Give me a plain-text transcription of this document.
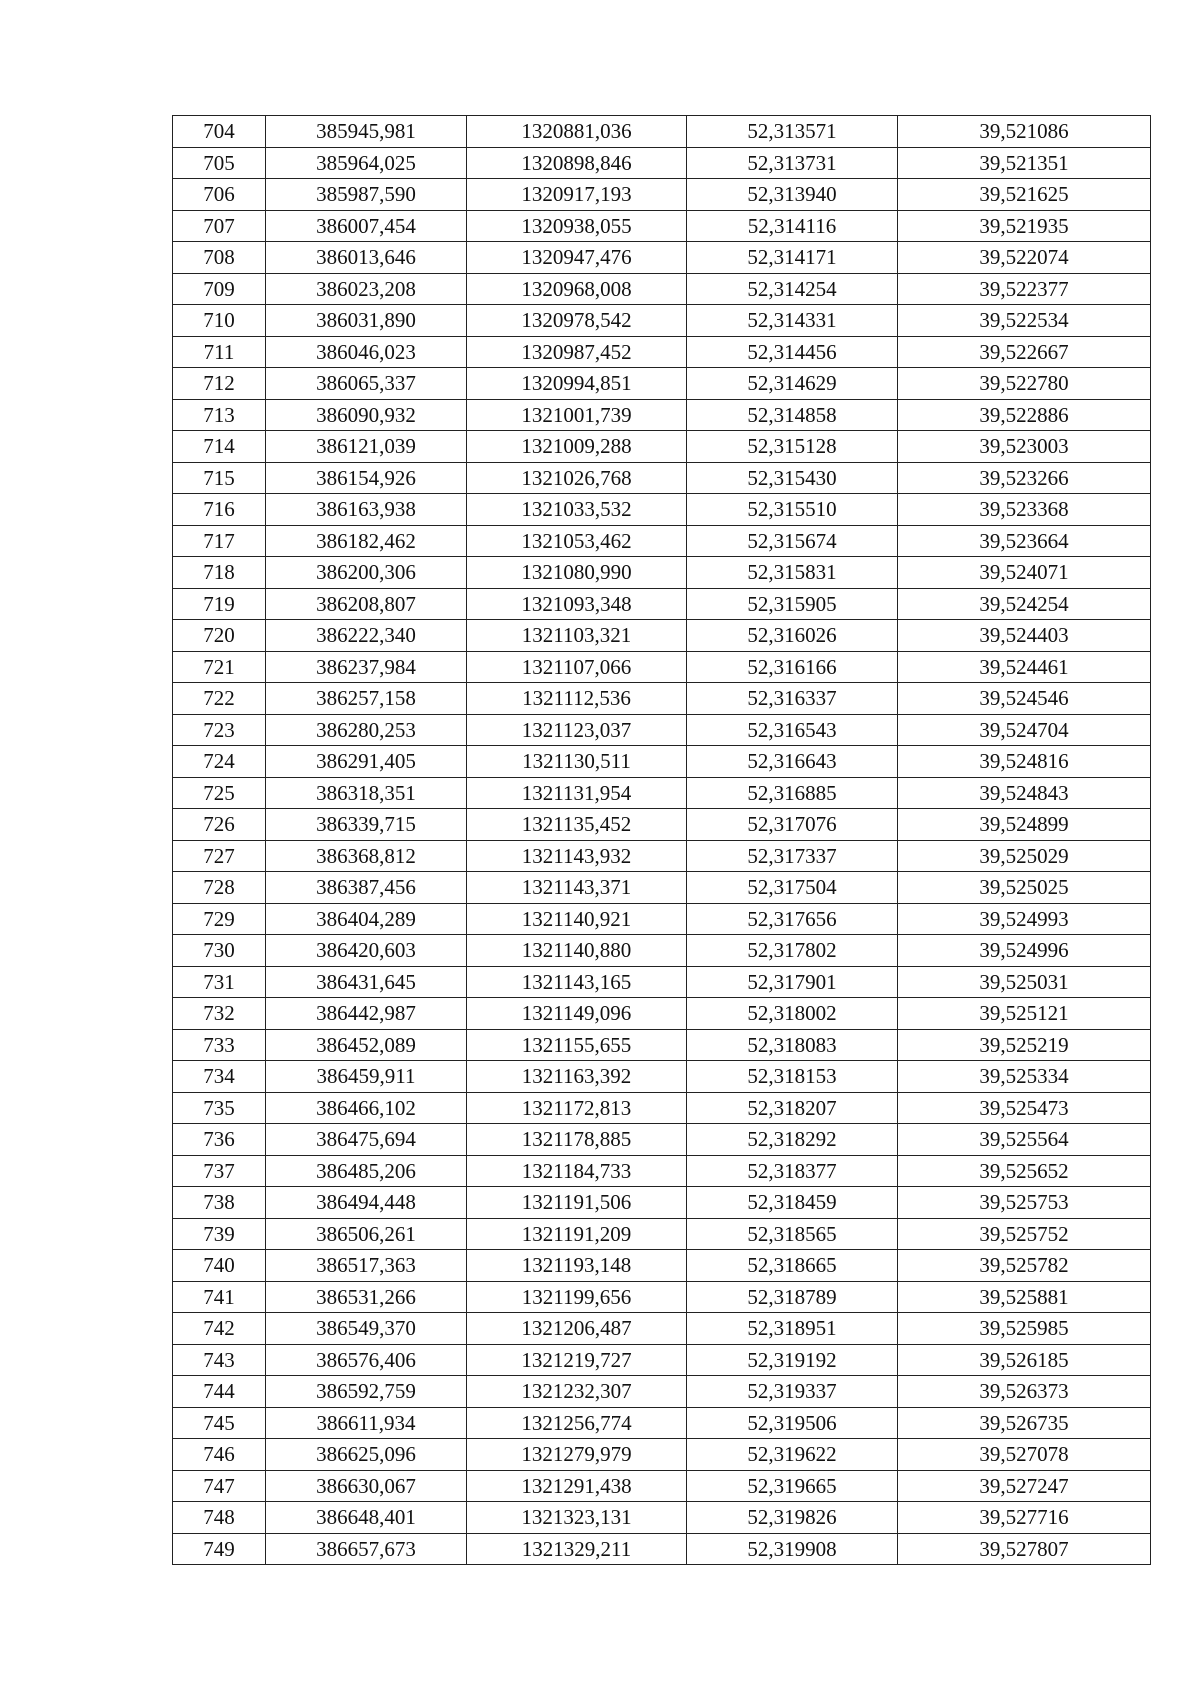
704	385945,981	1320881,036	52,313571	39,521086
705	385964,025	1320898,846	52,313731	39,521351
706	385987,590	1320917,193	52,313940	39,521625
707	386007,454	1320938,055	52,314116	39,521935
708	386013,646	1320947,476	52,314171	39,522074
709	386023,208	1320968,008	52,314254	39,522377
710	386031,890	1320978,542	52,314331	39,522534
711	386046,023	1320987,452	52,314456	39,522667
712	386065,337	1320994,851	52,314629	39,522780
713	386090,932	1321001,739	52,314858	39,522886
714	386121,039	1321009,288	52,315128	39,523003
715	386154,926	1321026,768	52,315430	39,523266
716	386163,938	1321033,532	52,315510	39,523368
717	386182,462	1321053,462	52,315674	39,523664
718	386200,306	1321080,990	52,315831	39,524071
719	386208,807	1321093,348	52,315905	39,524254
720	386222,340	1321103,321	52,316026	39,524403
721	386237,984	1321107,066	52,316166	39,524461
722	386257,158	1321112,536	52,316337	39,524546
723	386280,253	1321123,037	52,316543	39,524704
724	386291,405	1321130,511	52,316643	39,524816
725	386318,351	1321131,954	52,316885	39,524843
726	386339,715	1321135,452	52,317076	39,524899
727	386368,812	1321143,932	52,317337	39,525029
728	386387,456	1321143,371	52,317504	39,525025
729	386404,289	1321140,921	52,317656	39,524993
730	386420,603	1321140,880	52,317802	39,524996
731	386431,645	1321143,165	52,317901	39,525031
732	386442,987	1321149,096	52,318002	39,525121
733	386452,089	1321155,655	52,318083	39,525219
734	386459,911	1321163,392	52,318153	39,525334
735	386466,102	1321172,813	52,318207	39,525473
736	386475,694	1321178,885	52,318292	39,525564
737	386485,206	1321184,733	52,318377	39,525652
738	386494,448	1321191,506	52,318459	39,525753
739	386506,261	1321191,209	52,318565	39,525752
740	386517,363	1321193,148	52,318665	39,525782
741	386531,266	1321199,656	52,318789	39,525881
742	386549,370	1321206,487	52,318951	39,525985
743	386576,406	1321219,727	52,319192	39,526185
744	386592,759	1321232,307	52,319337	39,526373
745	386611,934	1321256,774	52,319506	39,526735
746	386625,096	1321279,979	52,319622	39,527078
747	386630,067	1321291,438	52,319665	39,527247
748	386648,401	1321323,131	52,319826	39,527716
749	386657,673	1321329,211	52,319908	39,527807
